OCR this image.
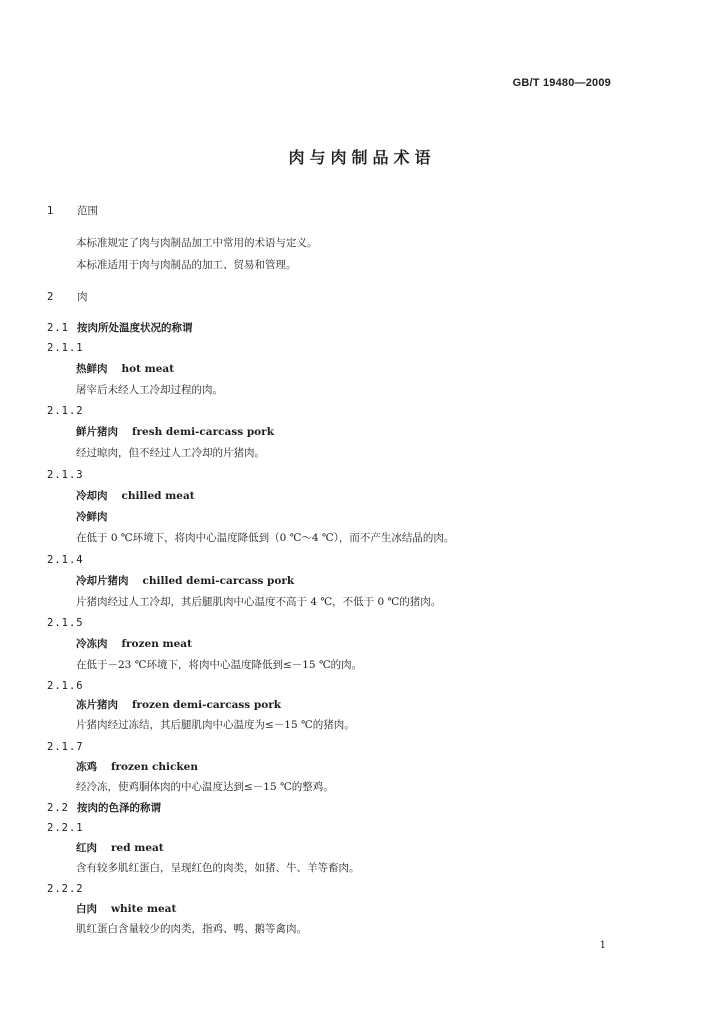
GB/T 19480—2009
肉与肉制品术语
1 范围
本标准规定了肉与肉制品加工中常用的术语与定义。
本标准适用于肉与肉制品的加工、贸易和管理。
2 肉
2.1 按肉所处温度状况的称谓
2.1.1
热鲜肉 hot meat
屠宰后未经人工冷却过程的肉。
2.1.2
鲜片猪肉 fresh demi-carcass pork
经过晾肉，但不经过人工冷却的片猪肉。
2.1.3
冷却肉 chilled meat
冷鲜肉
在低于 0 ℃环境下，将肉中心温度降低到（0 ℃～4 ℃），而不产生冰结晶的肉。
2.1.4
冷却片猪肉 chilled demi-carcass pork
片猪肉经过人工冷却，其后腿肌肉中心温度不高于 4 ℃，不低于 0 ℃的猪肉。
2.1.5
冷冻肉 frozen meat
在低于－23 ℃环境下，将肉中心温度降低到≤－15 ℃的肉。
2.1.6
冻片猪肉 frozen demi-carcass pork
片猪肉经过冻结，其后腿肌肉中心温度为≤－15 ℃的猪肉。
2.1.7
冻鸡 frozen chicken
经冷冻，使鸡胴体肉的中心温度达到≤－15 ℃的整鸡。
2.2 按肉的色泽的称谓
2.2.1
红肉 red meat
含有较多肌红蛋白，呈现红色的肉类，如猪、牛、羊等畜肉。
2.2.2
白肉 white meat
肌红蛋白含量较少的肉类，指鸡、鸭、鹅等禽肉。
1
